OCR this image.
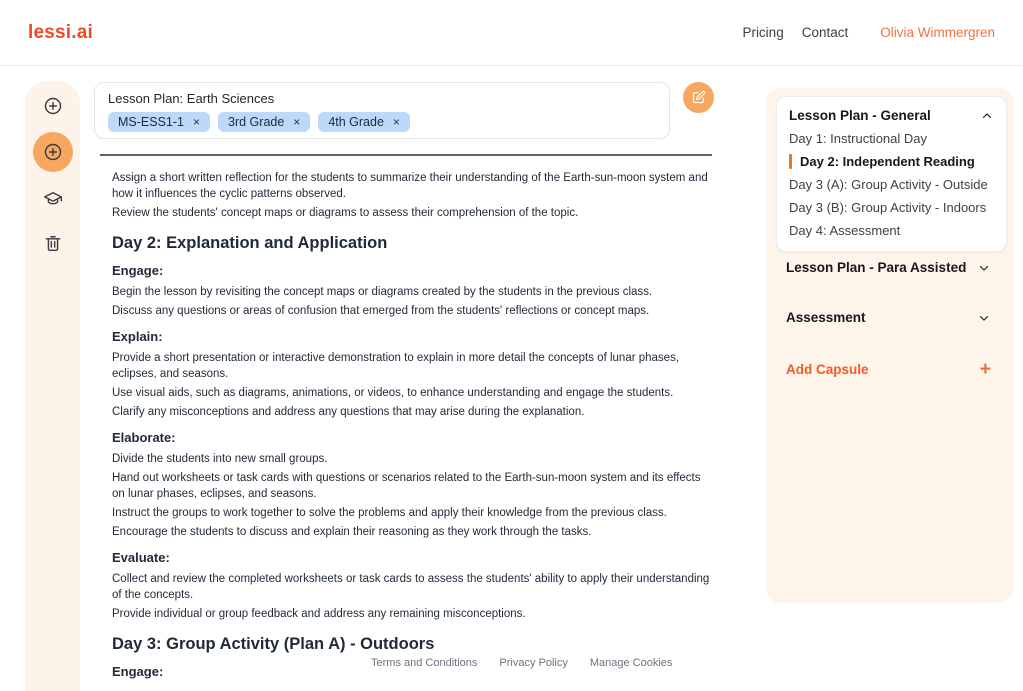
lessi.ai	Pricing Contact Olivia Wimmergren
Lesson Plan: Earth Sciences
MS-ESS1-1 × 3rd Grade × 4th Grade ×
Assign a short written reflection for the students to summarize their understanding of the Earth-sun-moon system and how it influences the cyclic patterns observed.
Review the students' concept maps or diagrams to assess their comprehension of the topic.
Day 2: Explanation and Application
Engage:
Begin the lesson by revisiting the concept maps or diagrams created by the students in the previous class.
Discuss any questions or areas of confusion that emerged from the students' reflections or concept maps.
Explain:
Provide a short presentation or interactive demonstration to explain in more detail the concepts of lunar phases, eclipses, and seasons.
Use visual aids, such as diagrams, animations, or videos, to enhance understanding and engage the students.
Clarify any misconceptions and address any questions that may arise during the explanation.
Elaborate:
Divide the students into new small groups.
Hand out worksheets or task cards with questions or scenarios related to the Earth-sun-moon system and its effects on lunar phases, eclipses, and seasons.
Instruct the groups to work together to solve the problems and apply their knowledge from the previous class.
Encourage the students to discuss and explain their reasoning as they work through the tasks.
Evaluate:
Collect and review the completed worksheets or task cards to assess the students' ability to apply their understanding of the concepts.
Provide individual or group feedback and address any remaining misconceptions.
Day 3: Group Activity (Plan A) - Outdoors
Engage:
Terms and Conditions Privacy Policy Manage Cookies
Lesson Plan - General
Day 1: Instructional Day
Day 2: Independent Reading
Day 3 (A): Group Activity - Outside
Day 3 (B): Group Activity - Indoors
Day 4: Assessment
Lesson Plan - Para Assisted
Assessment
Add Capsule	+
